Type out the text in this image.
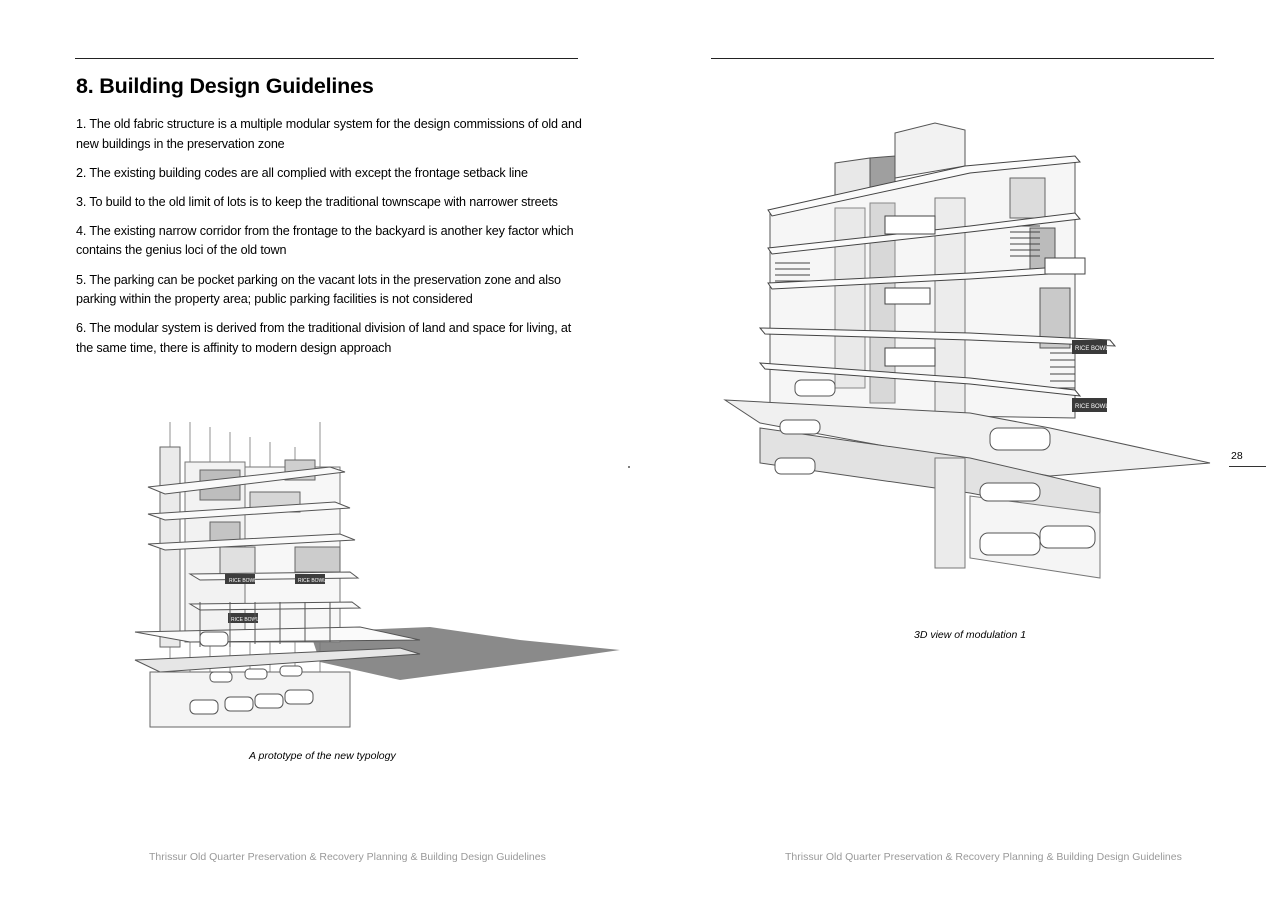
8. Building Design Guidelines
1. The old fabric structure is a multiple modular system for the design commissions of old and new buildings in the preservation zone
2. The existing building codes are all complied with except the frontage setback line
3. To build to the old limit of lots is to keep the traditional townscape with narrower streets
4. The existing narrow corridor from the frontage to the backyard is another key factor which contains the genius loci of the old town
5. The parking can be pocket parking on the vacant lots in the preservation zone and also parking within the property area; public parking facilities is not considered
6. The modular system is derived from the traditional division of land and space for living, at the same time, there is affinity to modern design approach
RICE BOWL	RICE BOWL
RICE BOWL
RICE BOWL
RICE BOWL
A prototype of the new typology
3D view of modulation 1
28
Thrissur Old Quarter Preservation & Recovery Planning & Building Design Guidelines	Thrissur Old Quarter Preservation & Recovery Planning & Building Design Guidelines
